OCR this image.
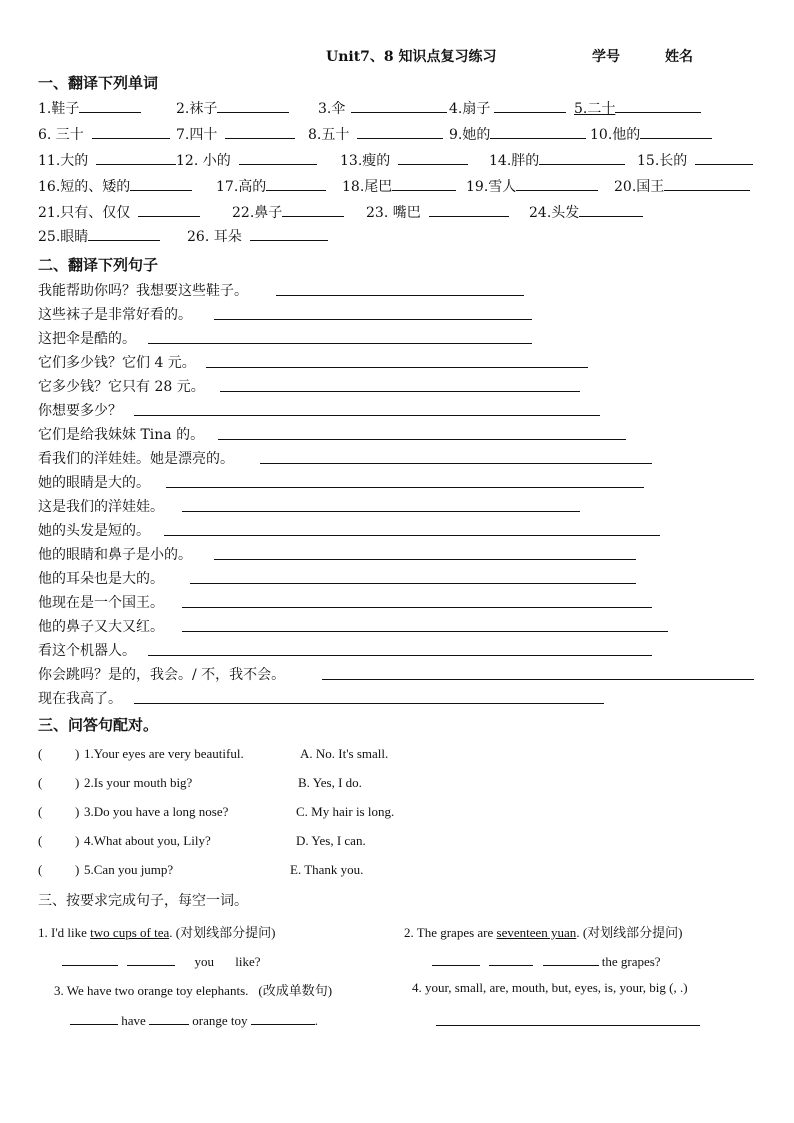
Unit7、8 知识点复习练习	学号	姓名
一、翻译下列单词
1.鞋子	2.袜子	3.伞	4.扇子	5.二十
6. 三十	7.四十	8.五十	9.她的	10.他的
11.大的	12. 小的	13.瘦的	14.胖的	15.长的
16.短的、矮的	17.高的	18.尾巴	19.雪人	20.国王
21.只有、仅仅	22.鼻子	23. 嘴巴	24.头发
25.眼睛	26. 耳朵
二、翻译下列句子
我能帮助你吗？我想要这些鞋子。
这些袜子是非常好看的。
这把伞是酷的。
它们多少钱？它们 4 元。
它多少钱？它只有 28 元。
你想要多少？
它们是给我妹妹 Tina 的。
看我们的洋娃娃。她是漂亮的。
她的眼睛是大的。
这是我们的洋娃娃。
她的头发是短的。
他的眼睛和鼻子是小的。
他的耳朵也是大的。
他现在是一个国王。
他的鼻子又大又红。
看这个机器人。
你会跳吗？是的，我会。/ 不，我不会。
现在我高了。
三、问答句配对。
(	) 1.Your eyes are very beautiful.	A. No. It's small.
(	) 2.Is your mouth big?	B. Yes, I do.
(	) 3.Do you have a long nose?	C. My hair is long.
(	) 4.What about you, Lily?	D. Yes, I can.
(	) 5.Can you jump?	E. Thank you.
三、按要求完成句子，每空一词。
1. I'd like two cups of tea. (对划线部分提问)
you like?
2. The grapes are seventeen yuan. (对划线部分提问)
the grapes?
3. We have two orange toy elephants. (改成单数句)
have	orange toy	.
4. your, small, are, mouth, but, eyes, is, your, big (, .)
